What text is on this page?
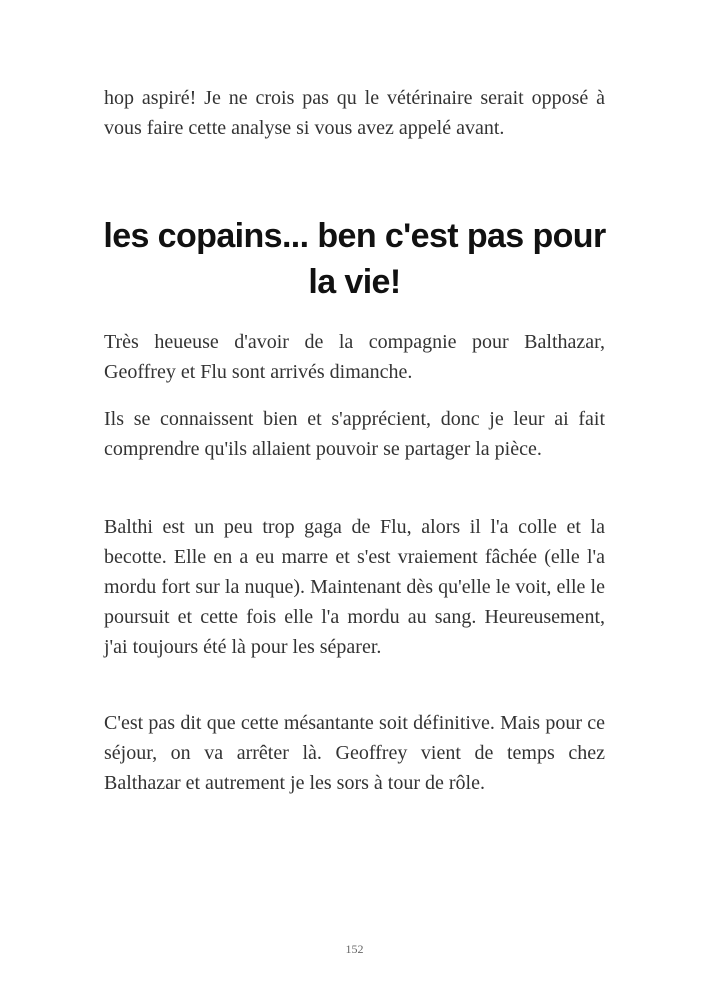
hop aspiré! Je ne crois pas qu le vétérinaire serait opposé à vous faire cette analyse si vous avez appelé avant.

les copains... ben c'est pas pour la vie!

Très heueuse d'avoir de la compagnie pour Balthazar, Geoffrey et Flu sont arrivés dimanche.

Ils se connaissent bien et s'apprécient, donc je leur ai fait comprendre qu'ils allaient pouvoir se partager la pièce.

Balthi est un peu trop gaga de Flu, alors il l'a colle et la becotte. Elle en a eu marre et s'est vraiement fâchée (elle l'a mordu fort sur la nuque). Maintenant dès qu'elle le voit, elle le poursuit et cette fois elle l'a mordu au sang. Heureusement, j'ai toujours été là pour les séparer.

C'est pas dit que cette mésantante soit définitive. Mais pour ce séjour, on va arrêter là. Geoffrey vient de temps chez Balthazar et autrement je les sors à tour de rôle.

152
